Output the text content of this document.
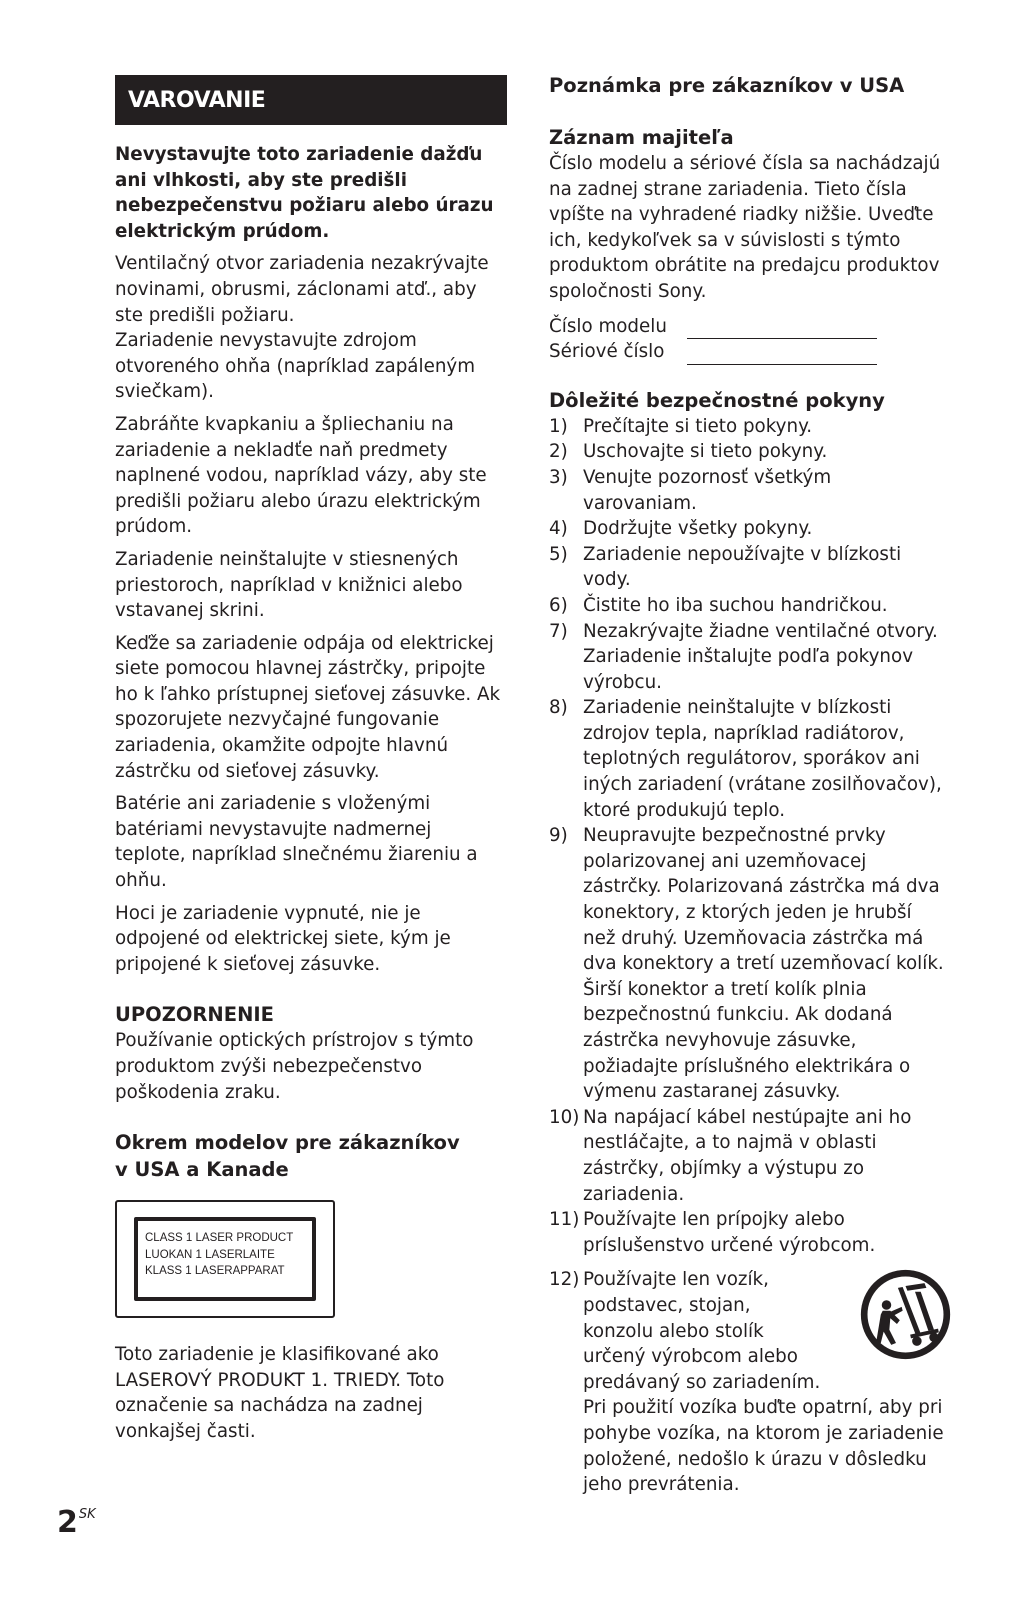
VAROVANIE

Nevystavujte toto zariadenie dažďu ani vlhkosti, aby ste predišli nebezpečenstvu požiaru alebo úrazu elektrickým prúdom.

Ventilačný otvor zariadenia nezakrývajte novinami, obrusmi, záclonami atď., aby ste predišli požiaru.
Zariadenie nevystavujte zdrojom otvoreného ohňa (napríklad zapáleným sviečkam).

Zabráňte kvapkaniu a špliechaniu na zariadenie a nekladťe naň predmety naplnené vodou, napríklad vázy, aby ste predišli požiaru alebo úrazu elektrickým prúdom.

Zariadenie neinštalujte v stiesnených priestoroch, napríklad v knižnici alebo vstavanej skrini.

Keďže sa zariadenie odpája od elektrickej siete pomocou hlavnej zástrčky, pripojte ho k ľahko prístupnej sieťovej zásuvke. Ak spozorujete nezvyčajné fungovanie zariadenia, okamžite odpojte hlavnú zástrčku od sieťovej zásuvky.

Batérie ani zariadenie s vloženými batériami nevystavujte nadmernej teplote, napríklad slnečnému žiareniu a ohňu.

Hoci je zariadenie vypnuté, nie je odpojené od elektrickej siete, kým je pripojené k sieťovej zásuvke.

UPOZORNENIE

Používanie optických prístrojov s týmto produktom zvýši nebezpečenstvo poškodenia zraku.

Okrem modelov pre zákazníkov
v USA a Kanade
CLASS 1 LASER PRODUCT
LUOKAN 1 LASERLAITE
KLASS 1 LASERAPPARAT

Toto zariadenie je klasifikované ako LASEROVÝ PRODUKT 1. TRIEDY. Toto označenie sa nachádza na zadnej vonkajšej časti.

Poznámka pre zákazníkov v USA
Záznam majiteľa

Číslo modelu a sériové čísla sa nachádzajú na zadnej strane zariadenia. Tieto čísla vpíšte na vyhradené riadky nižšie. Uveďte ich, kedykoľvek sa v súvislosti s týmto produktom obrátite na predajcu produktov spoločnosti Sony.

Číslo modelu
Sériové číslo
Dôležité bezpečnostné pokyny
1) Prečítajte si tieto pokyny.
2) Uschovajte si tieto pokyny.
3) Venujte pozornosť všetkým varovaniam.
4) Dodržujte všetky pokyny.
5) Zariadenie nepoužívajte v blízkosti vody.
6) Čistite ho iba suchou handričkou.
7) Nezakrývajte žiadne ventilačné otvory. Zariadenie inštalujte podľa pokynov výrobcu.
8) Zariadenie neinštalujte v blízkosti zdrojov tepla, napríklad radiátorov, teplotných regulátorov, sporákov ani iných zariadení (vrátane zosilňovačov), ktoré produkujú teplo.
9) Neupravujte bezpečnostné prvky polarizovanej ani uzemňovacej zástrčky. Polarizovaná zástrčka má dva konektory, z ktorých jeden je hrubší než druhý. Uzemňovacia zástrčka má dva konektory a tretí uzemňovací kolík. Širší konektor a tretí kolík plnia bezpečnostnú funkciu. Ak dodaná zástrčka nevyhovuje zásuvke, požiadajte príslušného elektrikára o výmenu zastaranej zásuvky.
10) Na napájací kábel nestúpajte ani ho nestláčajte, a to najmä v oblasti zástrčky, objímky a výstupu zo zariadenia.
11) Používajte len prípojky alebo príslušenstvo určené výrobcom.
12) Používajte len vozík,
podstavec, stojan,
konzolu alebo stolík
určený výrobcom alebo
predávaný so zariadením.
Pri použití vozíka buďte opatrní, aby pri pohybe vozíka, na ktorom je zariadenie položené, nedošlo k úrazu v dôsledku jeho prevrátenia.
$2^{SK}$
